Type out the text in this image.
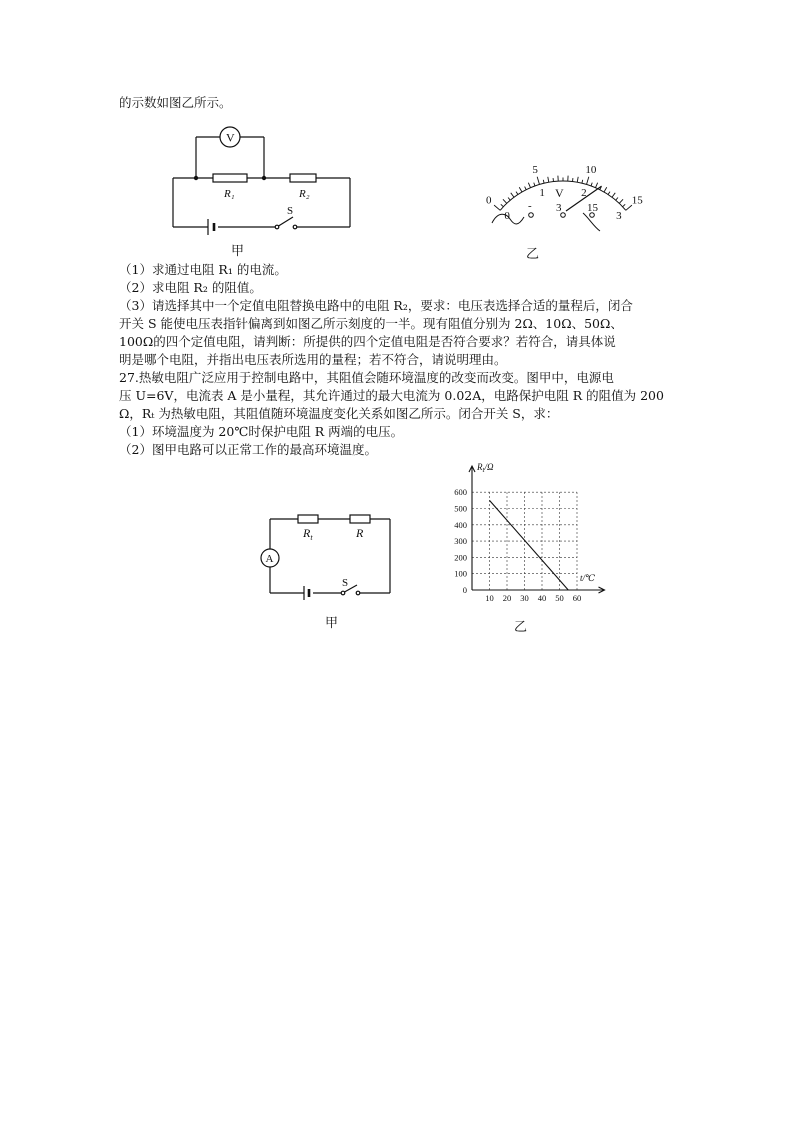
的示数如图乙所示。
V
R₁	R₂
S
甲
0
5	10
15
0
1	2
3
V
- 3 15
乙
（1）求通过电阻 R₁ 的电流。
（2）求电阻 R₂ 的阻值。
（3）请选择其中一个定值电阻替换电路中的电阻 R₂，要求：电压表选择合适的量程后，闭合
开关 S 能使电压表指针偏离到如图乙所示刻度的一半。现有阻值分别为 2Ω、10Ω、50Ω、
100Ω的四个定值电阻，请判断：所提供的四个定值电阻是否符合要求？若符合，请具体说
明是哪个电阻，并指出电压表所选用的量程；若不符合，请说明理由。
27.热敏电阻广泛应用于控制电路中，其阻值会随环境温度的改变而改变。图甲中，电源电
压 U=6V，电流表 A 是小量程，其允许通过的最大电流为 0.02A，电路保护电阻 R 的阻值为 200
Ω，Rₜ 为热敏电阻，其阻值随环境温度变化关系如图乙所示。闭合开关 S，求：
（1）环境温度为 20℃时保护电阻 R 两端的电压。
（2）图甲电路可以正常工作的最高环境温度。
A
$R_t$	R
S
甲
10 20 30 40 50 60
0
100
200
300
400
500
600
$R_t/\Omega$
t/℃
乙
